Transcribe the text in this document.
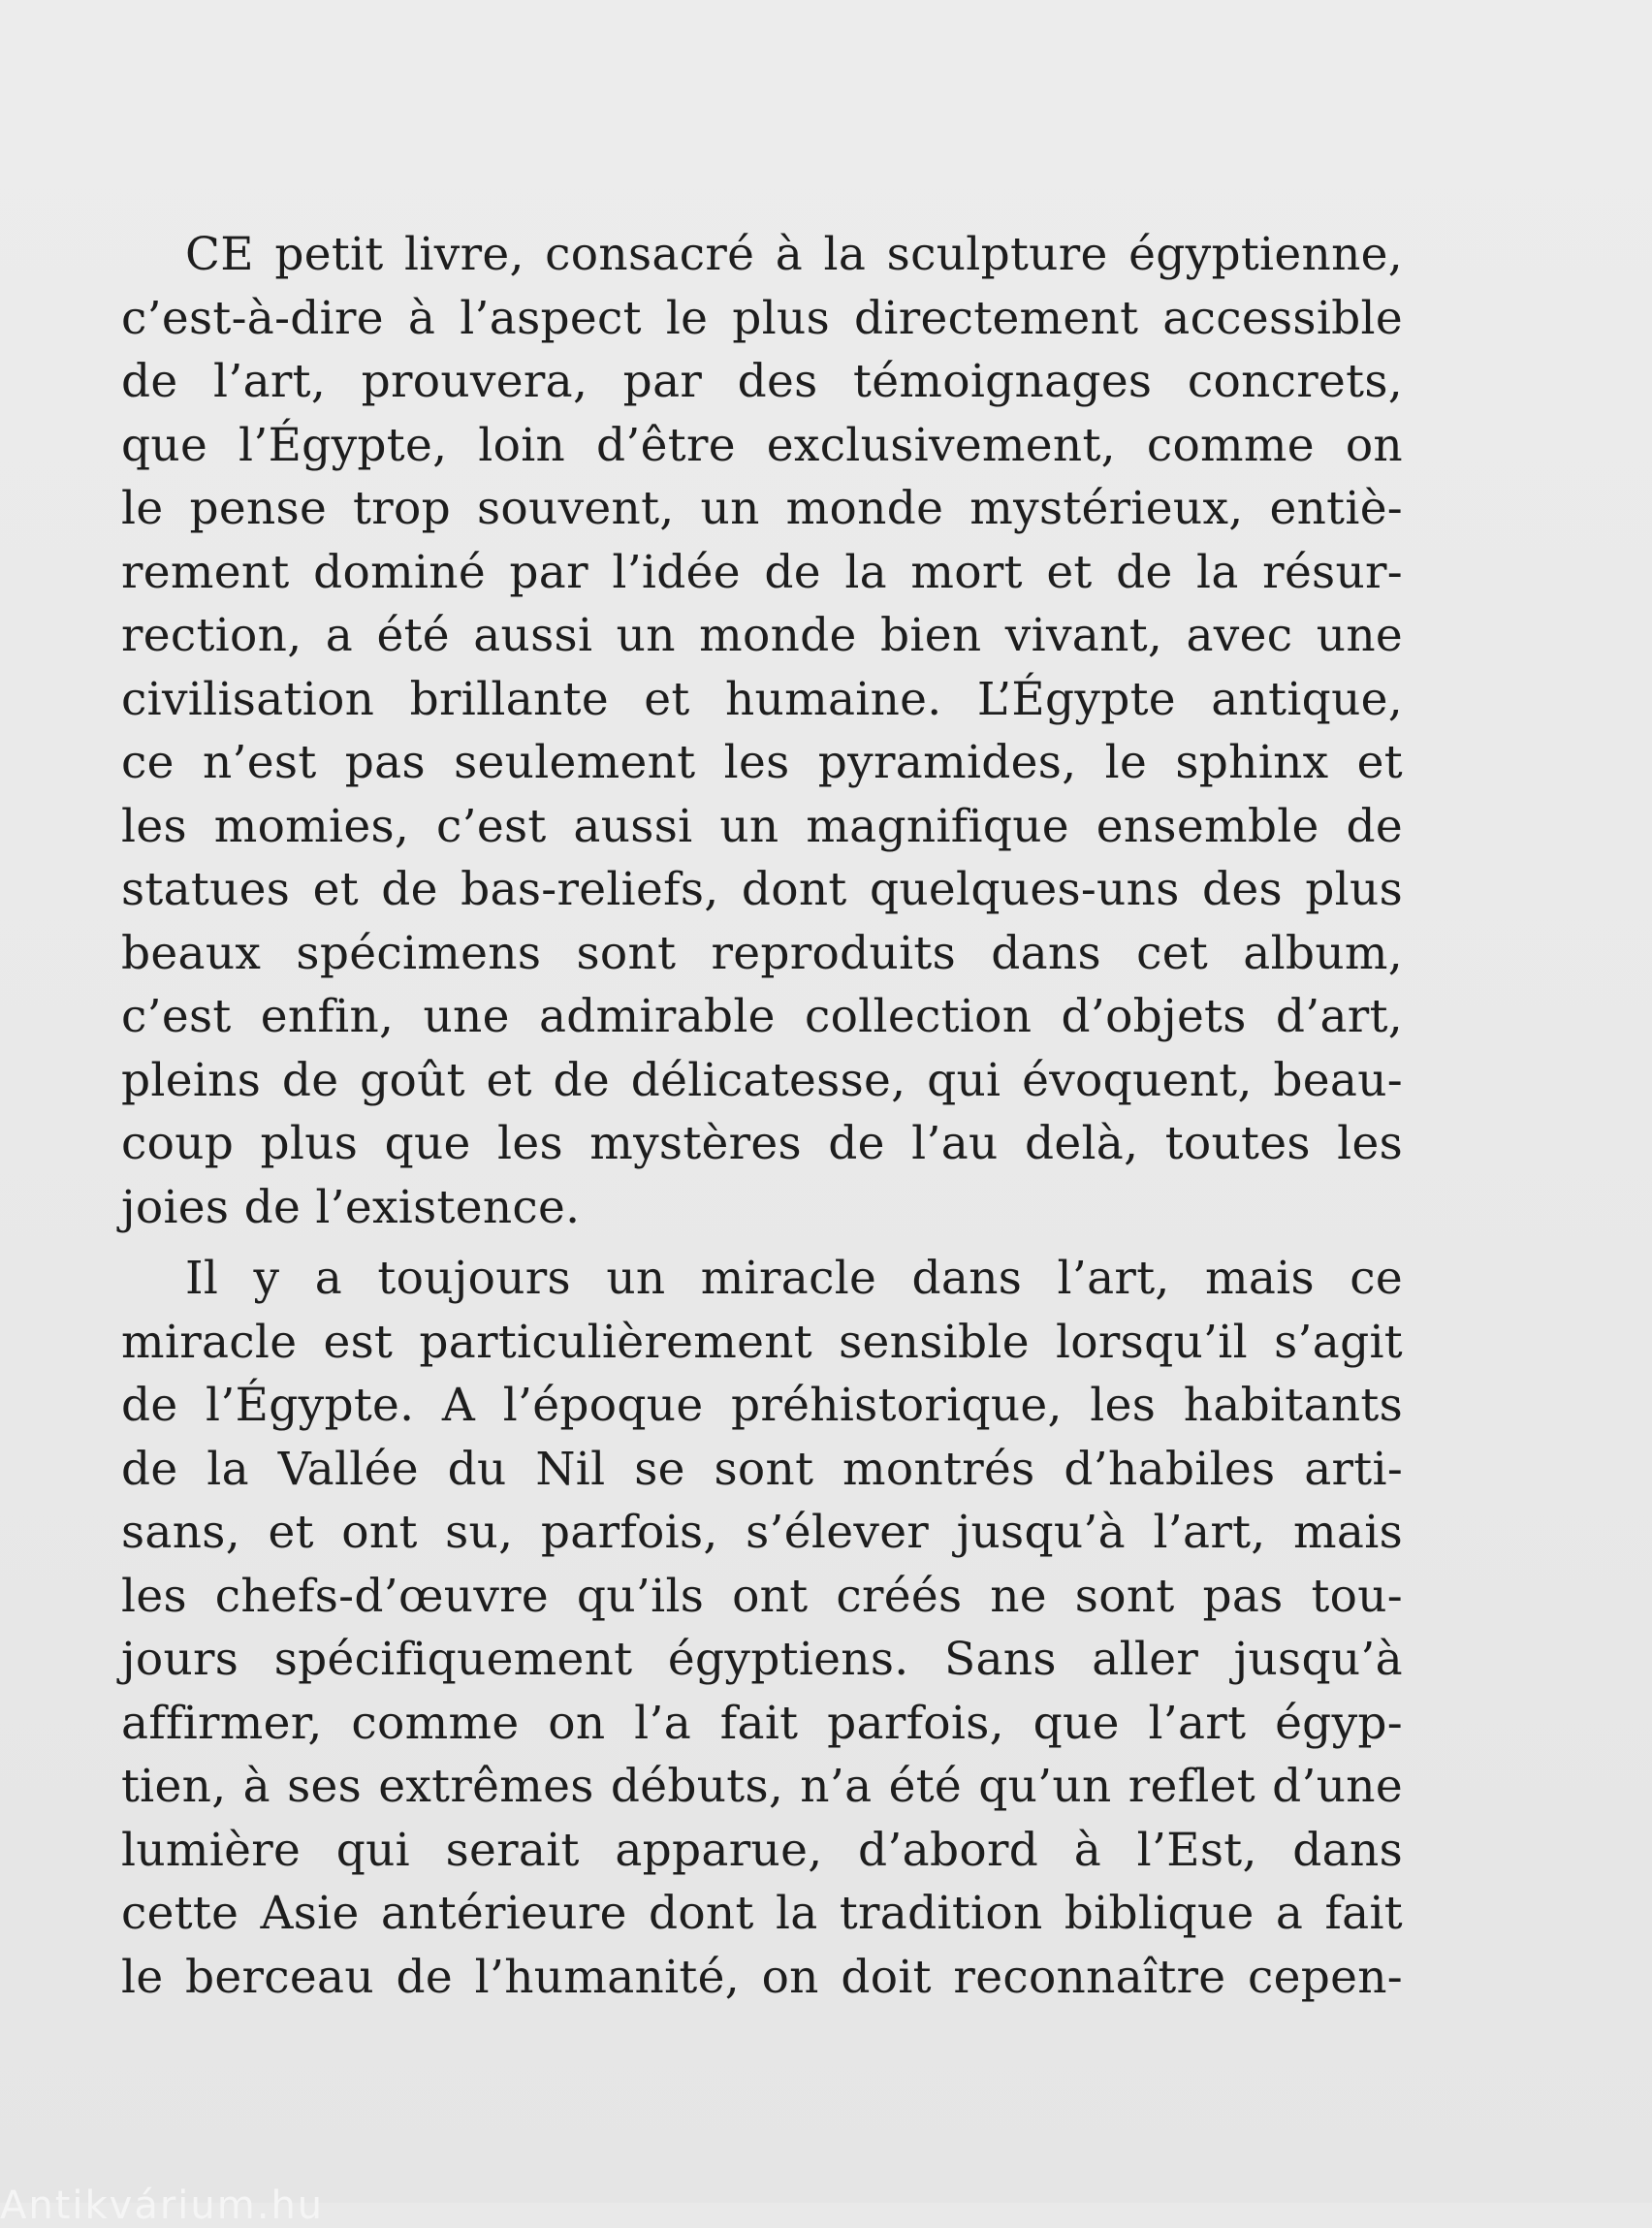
CE petit livre, consacré à la sculpture égyptienne,
c’est-à-dire à l’aspect le plus directement accessible
de l’art, prouvera, par des témoignages concrets,
que l’Égypte, loin d’être exclusivement, comme on
le pense trop souvent, un monde mystérieux, entiè-
rement dominé par l’idée de la mort et de la résur-
rection, a été aussi un monde bien vivant, avec une
civilisation brillante et humaine. L’Égypte antique,
ce n’est pas seulement les pyramides, le sphinx et
les momies, c’est aussi un magnifique ensemble de
statues et de bas-reliefs, dont quelques-uns des plus
beaux spécimens sont reproduits dans cet album,
c’est enfin, une admirable collection d’objets d’art,
pleins de goût et de délicatesse, qui évoquent, beau-
coup plus que les mystères de l’au delà, toutes les
joies de l’existence.
Il y a toujours un miracle dans l’art, mais ce
miracle est particulièrement sensible lorsqu’il s’agit
de l’Égypte. A l’époque préhistorique, les habitants
de la Vallée du Nil se sont montrés d’habiles arti-
sans, et ont su, parfois, s’élever jusqu’à l’art, mais
les chefs-d’œuvre qu’ils ont créés ne sont pas tou-
jours spécifiquement égyptiens. Sans aller jusqu’à
affirmer, comme on l’a fait parfois, que l’art égyp-
tien, à ses extrêmes débuts, n’a été qu’un reflet d’une
lumière qui serait apparue, d’abord à l’Est, dans
cette Asie antérieure dont la tradition biblique a fait
le berceau de l’humanité, on doit reconnaître cepen-
Antikvárium.hu
